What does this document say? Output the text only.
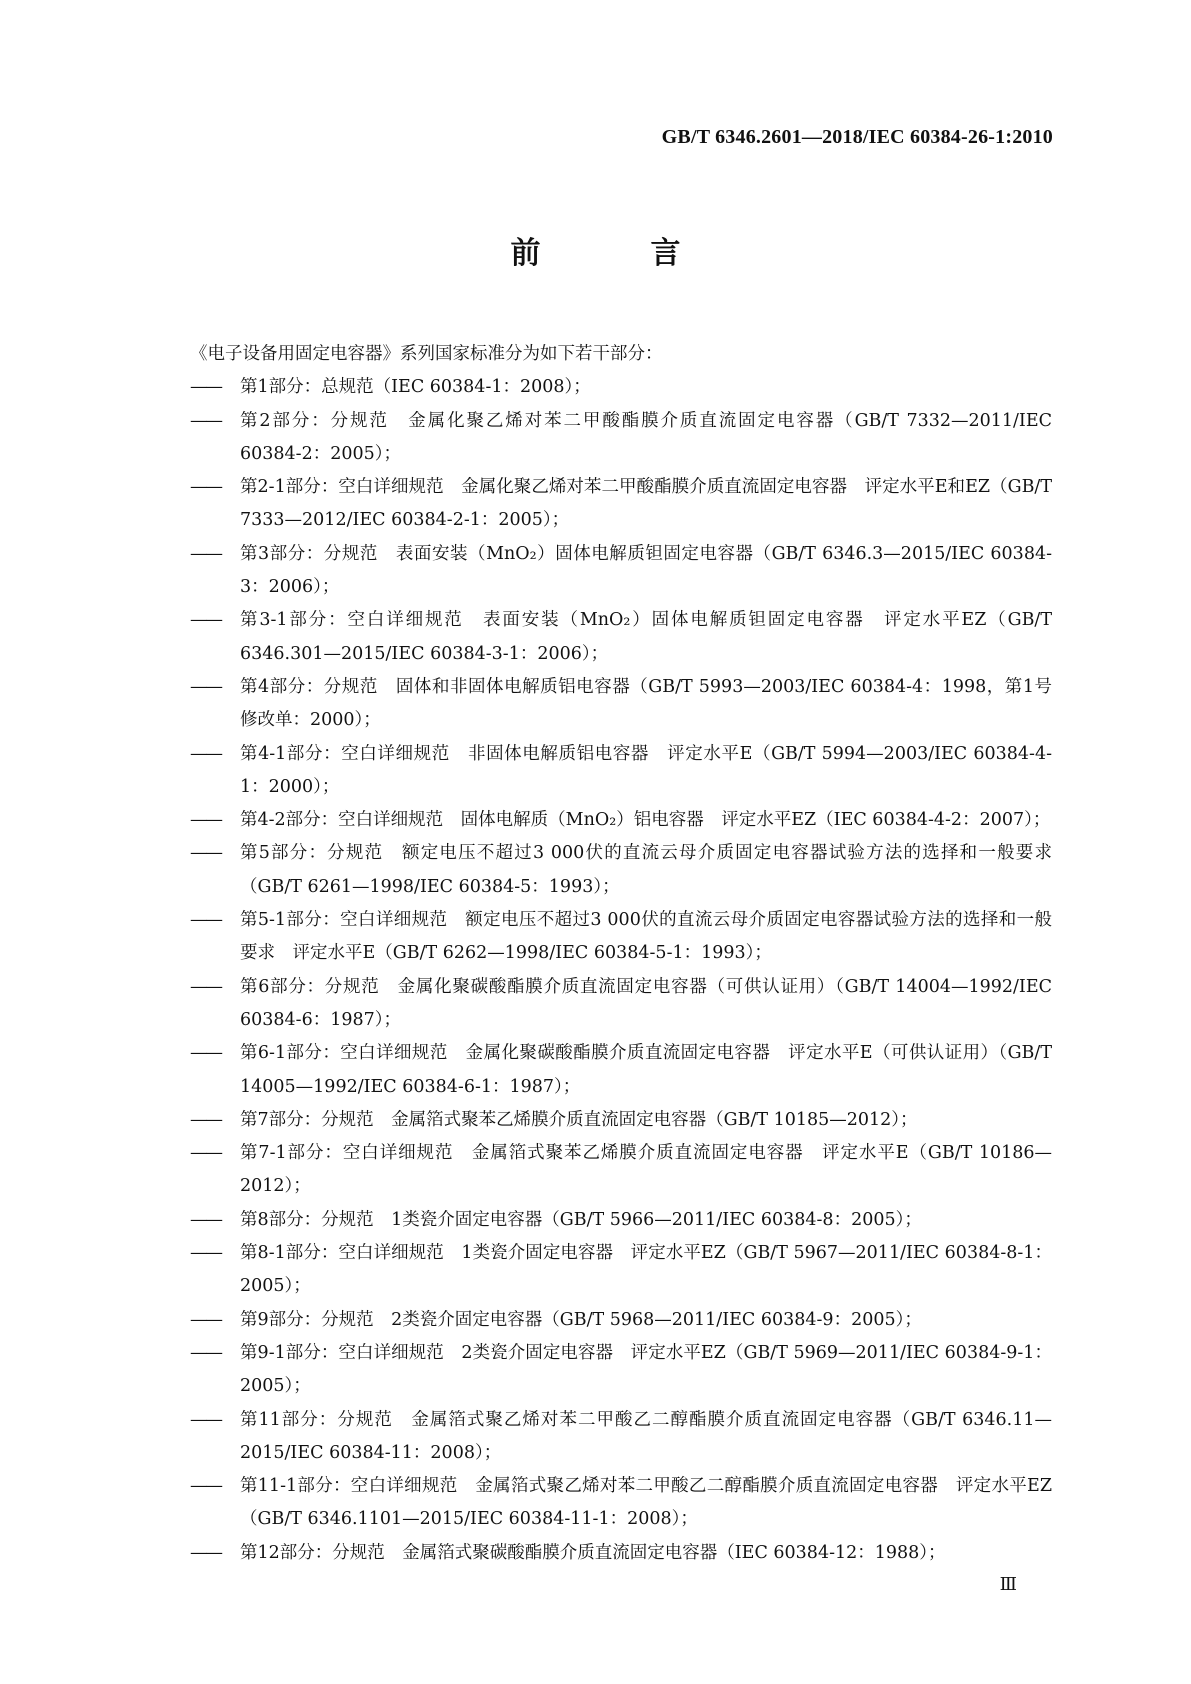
GB/T 6346.2601—2018/IEC 60384-26-1:2010
前　言
《电子设备用固定电容器》系列国家标准分为如下若干部分：
—— 第1部分：总规范（IEC 60384-1：2008）；
—— 第2部分：分规范　金属化聚乙烯对苯二甲酸酯膜介质直流固定电容器（GB/T 7332—2011/IEC 60384-2：2005）；
—— 第2-1部分：空白详细规范　金属化聚乙烯对苯二甲酸酯膜介质直流固定电容器　评定水平E和EZ（GB/T 7333—2012/IEC 60384-2-1：2005）；
—— 第3部分：分规范　表面安装（MnO₂）固体电解质钽固定电容器（GB/T 6346.3—2015/IEC 60384-3：2006）；
—— 第3-1部分：空白详细规范　表面安装（MnO₂）固体电解质钽固定电容器　评定水平EZ（GB/T 6346.301—2015/IEC 60384-3-1：2006）；
—— 第4部分：分规范　固体和非固体电解质铝电容器（GB/T 5993—2003/IEC 60384-4：1998，第1号修改单：2000）；
—— 第4-1部分：空白详细规范　非固体电解质铝电容器　评定水平E（GB/T 5994—2003/IEC 60384-4-1：2000）；
—— 第4-2部分：空白详细规范　固体电解质（MnO₂）铝电容器　评定水平EZ（IEC 60384-4-2：2007）；
—— 第5部分：分规范　额定电压不超过3 000伏的直流云母介质固定电容器试验方法的选择和一般要求（GB/T 6261—1998/IEC 60384-5：1993）；
—— 第5-1部分：空白详细规范　额定电压不超过3 000伏的直流云母介质固定电容器试验方法的选择和一般要求　评定水平E（GB/T 6262—1998/IEC 60384-5-1：1993）；
—— 第6部分：分规范　金属化聚碳酸酯膜介质直流固定电容器（可供认证用）（GB/T 14004—1992/IEC 60384-6：1987）；
—— 第6-1部分：空白详细规范　金属化聚碳酸酯膜介质直流固定电容器　评定水平E（可供认证用）（GB/T 14005—1992/IEC 60384-6-1：1987）；
—— 第7部分：分规范　金属箔式聚苯乙烯膜介质直流固定电容器（GB/T 10185—2012）；
—— 第7-1部分：空白详细规范　金属箔式聚苯乙烯膜介质直流固定电容器　评定水平E（GB/T 10186—2012）；
—— 第8部分：分规范　1类瓷介固定电容器（GB/T 5966—2011/IEC 60384-8：2005）；
—— 第8-1部分：空白详细规范　1类瓷介固定电容器　评定水平EZ（GB/T 5967—2011/IEC 60384-8-1：2005）；
—— 第9部分：分规范　2类瓷介固定电容器（GB/T 5968—2011/IEC 60384-9：2005）；
—— 第9-1部分：空白详细规范　2类瓷介固定电容器　评定水平EZ（GB/T 5969—2011/IEC 60384-9-1：2005）；
—— 第11部分：分规范　金属箔式聚乙烯对苯二甲酸乙二醇酯膜介质直流固定电容器（GB/T 6346.11—2015/IEC 60384-11：2008）；
—— 第11-1部分：空白详细规范　金属箔式聚乙烯对苯二甲酸乙二醇酯膜介质直流固定电容器　评定水平EZ（GB/T 6346.1101—2015/IEC 60384-11-1：2008）；
—— 第12部分：分规范　金属箔式聚碳酸酯膜介质直流固定电容器（IEC 60384-12：1988）；
Ⅲ
